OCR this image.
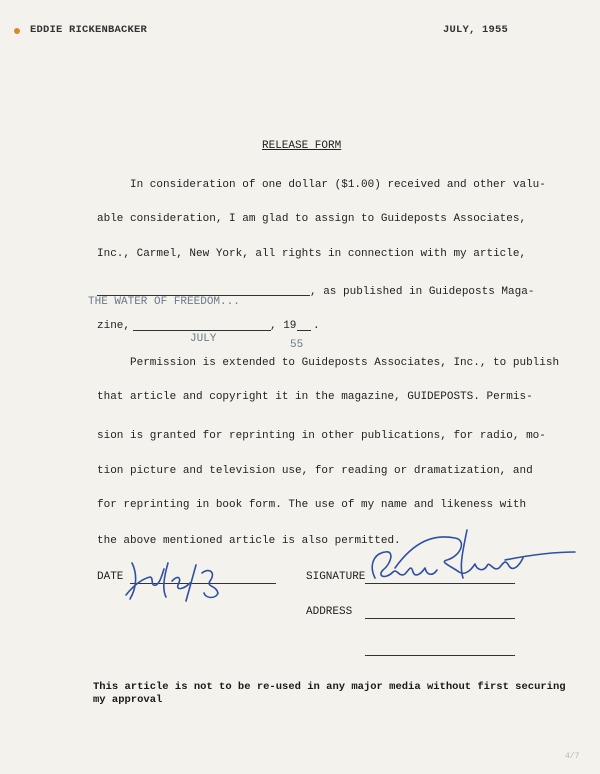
EDDIE RICKENBACKER	JULY, 1955
RELEASE FORM
In consideration of one dollar ($1.00) received and other valu-
able consideration, I am glad to assign to Guideposts Associates,
Inc., Carmel, New York, all rights in connection with my article,
THE WATER OF FREEDOM...
, as published in Guideposts Maga-
zine,	, 19 .
JULY	55
Permission is extended to Guideposts Associates, Inc., to publish
that article and copyright it in the magazine, GUIDEPOSTS. Permis-
sion is granted for reprinting in other publications, for radio, mo-
tion picture and television use, for reading or dramatization, and
for reprinting in book form. The use of my name and likeness with
the above mentioned article is also permitted.
DATE	SIGNATURE
Eddie Rickenbacker
ADDRESS
This article is not to be re-used in any major media without first securing
my approval
4/7
